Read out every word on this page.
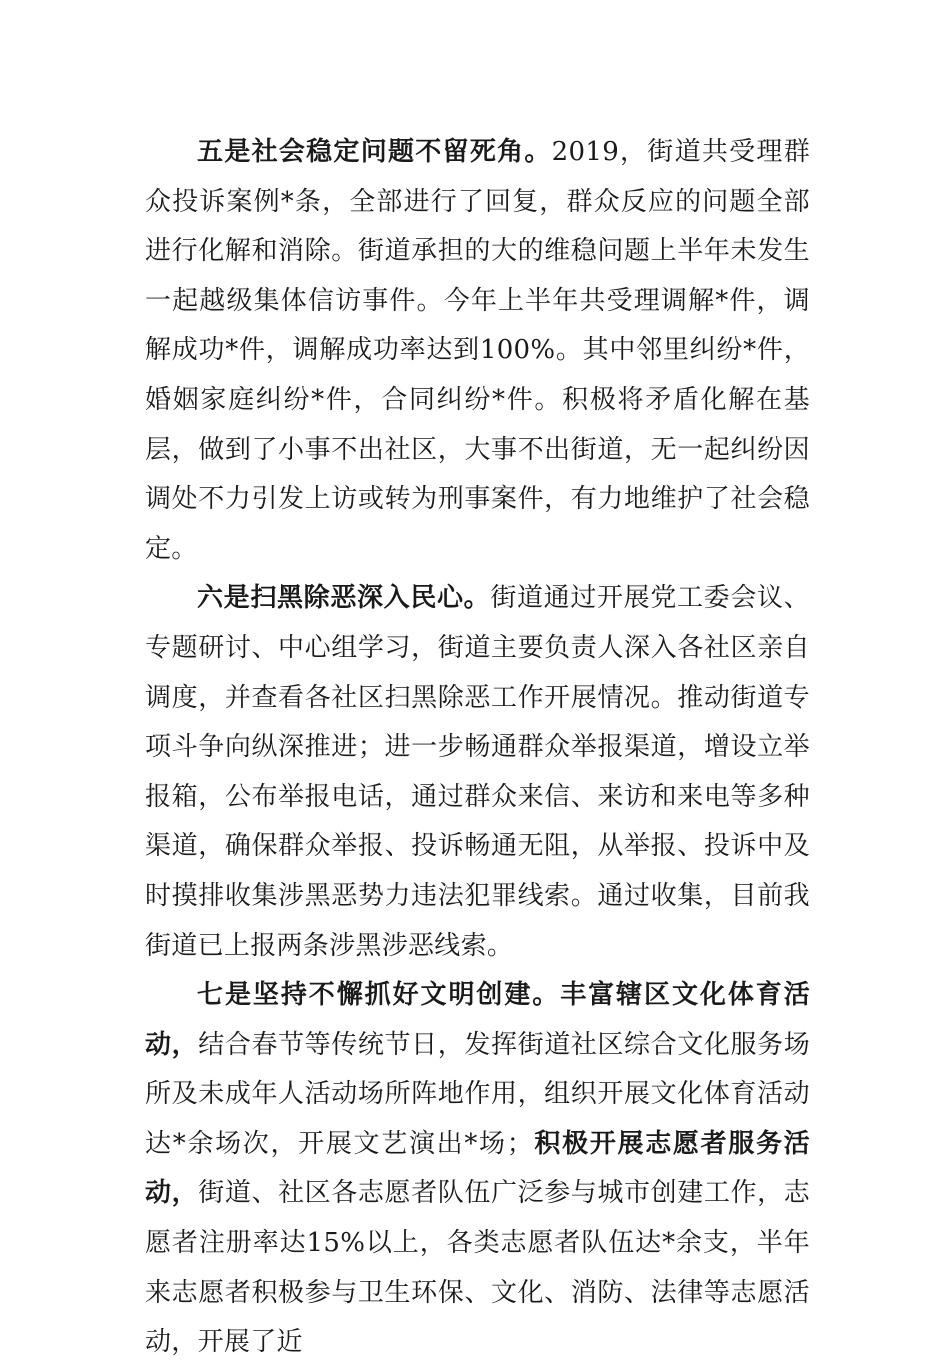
五是社会稳定问题不留死角。2019，街道共受理群众投诉案例*条，全部进行了回复，群众反应的问题全部进行化解和消除。街道承担的大的维稳问题上半年未发生一起越级集体信访事件。今年上半年共受理调解*件，调解成功*件，调解成功率达到100%。其中邻里纠纷*件，婚姻家庭纠纷*件，合同纠纷*件。积极将矛盾化解在基层，做到了小事不出社区，大事不出街道，无一起纠纷因调处不力引发上访或转为刑事案件，有力地维护了社会稳定。

六是扫黑除恶深入民心。街道通过开展党工委会议、专题研讨、中心组学习，街道主要负责人深入各社区亲自调度，并查看各社区扫黑除恶工作开展情况。推动街道专项斗争向纵深推进；进一步畅通群众举报渠道，增设立举报箱，公布举报电话，通过群众来信、来访和来电等多种渠道，确保群众举报、投诉畅通无阻，从举报、投诉中及时摸排收集涉黑恶势力违法犯罪线索。通过收集，目前我街道已上报两条涉黑涉恶线索。

七是坚持不懈抓好文明创建。丰富辖区文化体育活动，结合春节等传统节日，发挥街道社区综合文化服务场所及未成年人活动场所阵地作用，组织开展文化体育活动达*余场次，开展文艺演出*场；积极开展志愿者服务活动，街道、社区各志愿者队伍广泛参与城市创建工作，志愿者注册率达15%以上，各类志愿者队伍达*余支，半年来志愿者积极参与卫生环保、文化、消防、法律等志愿活动，开展了近
